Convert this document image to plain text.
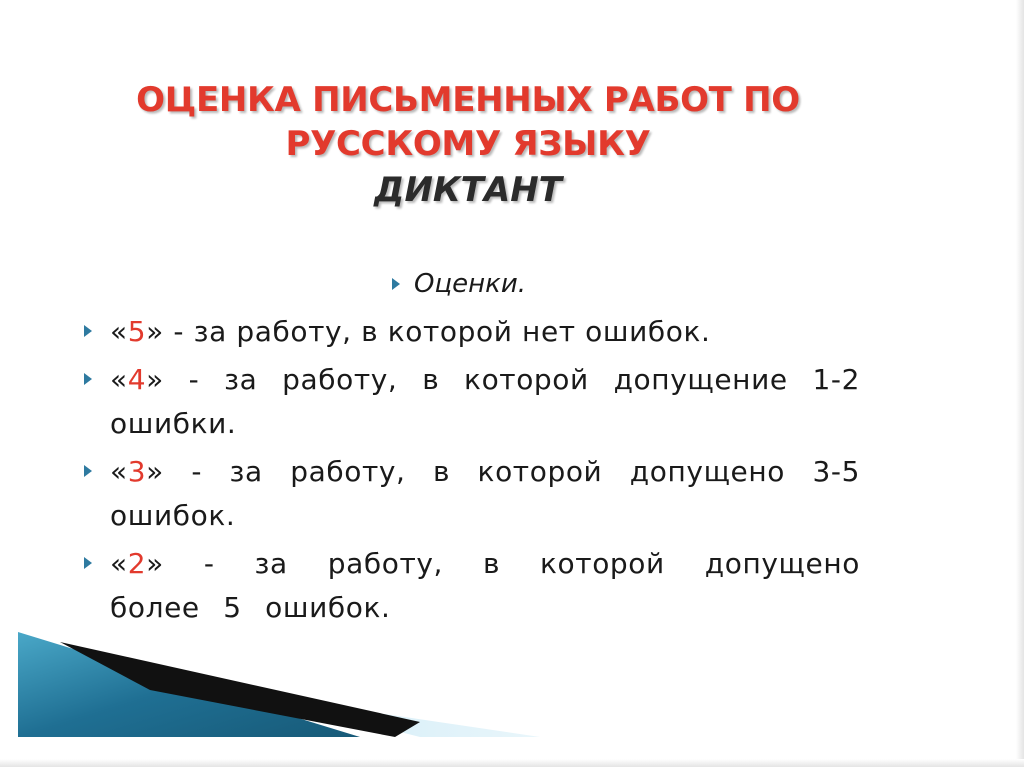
ОЦЕНКА ПИСЬМЕННЫХ РАБОТ ПО
РУССКОМУ ЯЗЫКУ
ДИКТАНТ
Оценки.
«5» - за работу, в которой нет ошибок.
«4» - за работу, в которой допущение 1-2 ошибки.
«3» - за работу, в которой допущено 3-5 ошибок.
«2» - за работу, в которой допущено более 5 ошибок.
